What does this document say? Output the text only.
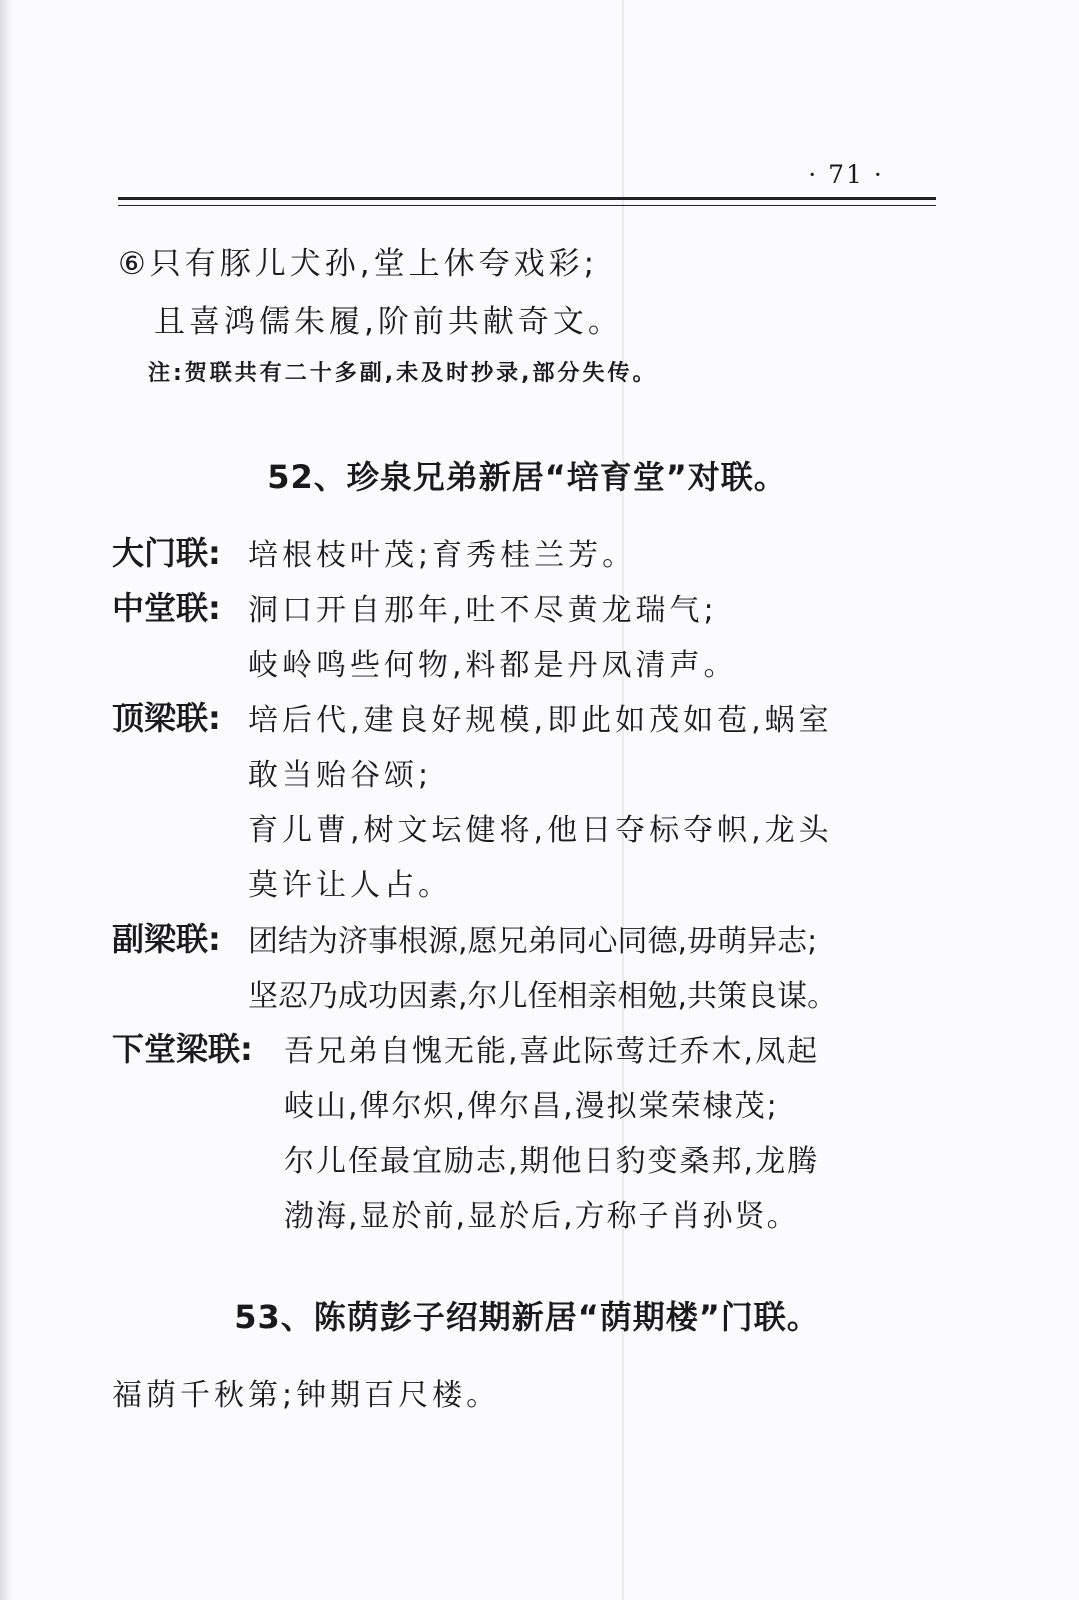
· 71 ·
⑥只有豚儿犬孙,堂上休夸戏彩;
且喜鸿儒朱履,阶前共献奇文。
注:贺联共有二十多副,未及时抄录,部分失传。
52、珍泉兄弟新居“培育堂”对联。
大门联: 培根枝叶茂;育秀桂兰芳。
中堂联: 洞口开自那年,吐不尽黄龙瑞气;
岐岭鸣些何物,料都是丹凤清声。
顶梁联: 培后代,建良好规模,即此如茂如苞,蜗室
敢当贻谷颂;
育儿曹,树文坛健将,他日夺标夺帜,龙头
莫许让人占。
副梁联: 团结为济事根源,愿兄弟同心同德,毋萌异志;
坚忍乃成功因素,尔儿侄相亲相勉,共策良谋。
下堂梁联: 吾兄弟自愧无能,喜此际莺迁乔木,凤起
岐山,俾尔炽,俾尔昌,漫拟棠荣棣茂;
尔儿侄最宜励志,期他日豹变桑邦,龙腾
渤海,显於前,显於后,方称子肖孙贤。
53、陈荫彭子绍期新居“荫期楼”门联。
福荫千秋第;钟期百尺楼。
